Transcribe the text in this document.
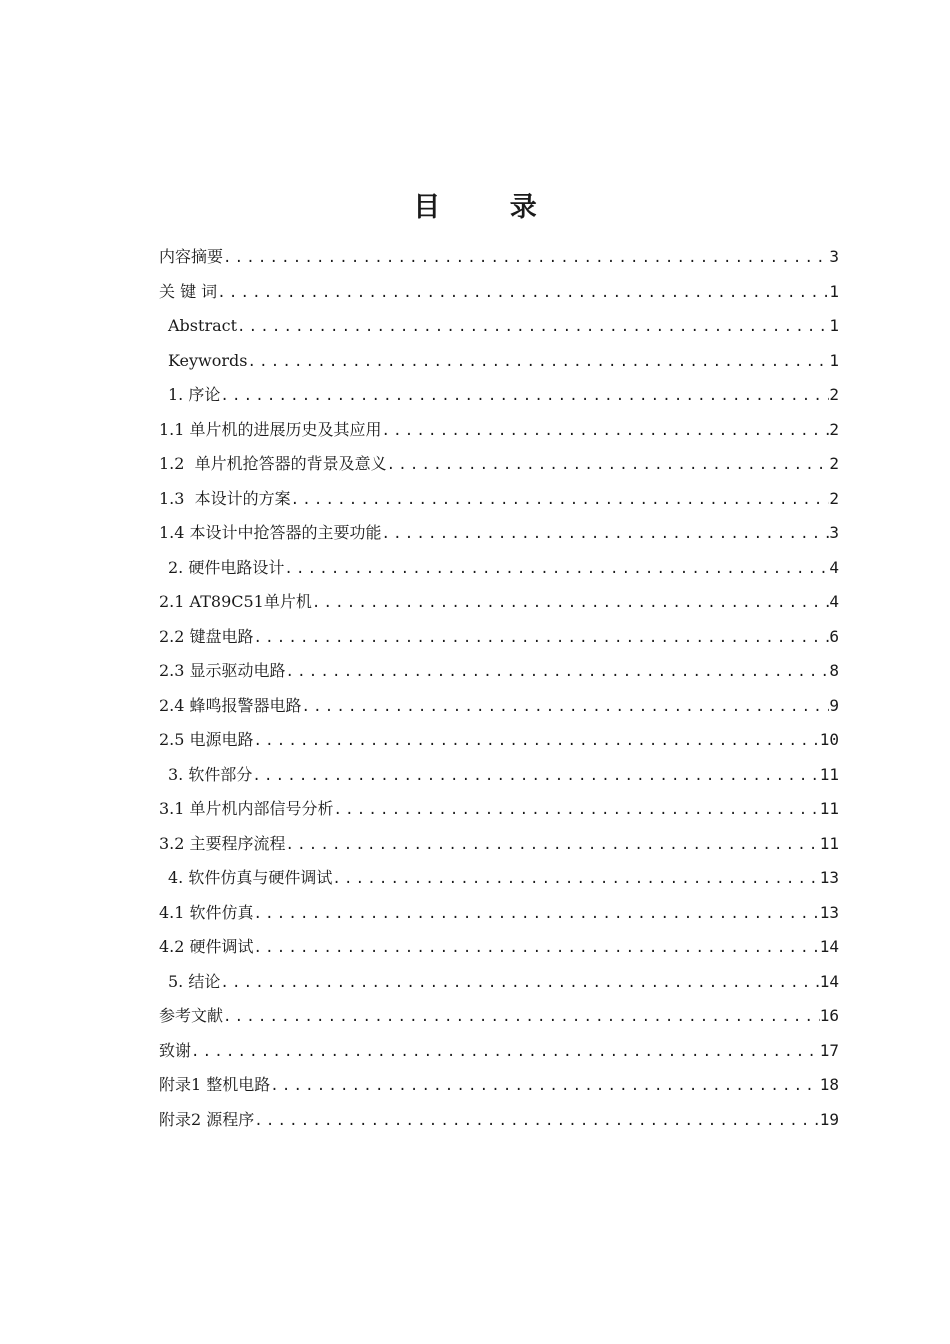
目 录
内容摘要 .....	3
关 键 词 .....	1
Abstract .....	1
Keywords .....	1
1. 序论 .....	2
1.1 单片机的进展历史及其应用 .....	2
1.2  单片机抢答器的背景及意义 .....	2
1.3  本设计的方案 .....	2
1.4 本设计中抢答器的主要功能 .....	3
2. 硬件电路设计 .....	4
2.1 AT89C51单片机 .....	4
2.2 键盘电路 .....	6
2.3 显示驱动电路 .....	8
2.4 蜂鸣报警器电路 .....	9
2.5 电源电路 .....	10
3. 软件部分 .....	11
3.1 单片机内部信号分析 .....	11
3.2 主要程序流程 .....	11
4. 软件仿真与硬件调试 .....	13
4.1 软件仿真 .....	13
4.2 硬件调试 .....	14
5. 结论 .....	14
参考文献 .....	16
致谢 .....	17
附录1 整机电路 .....	18
附录2 源程序 .....	19
